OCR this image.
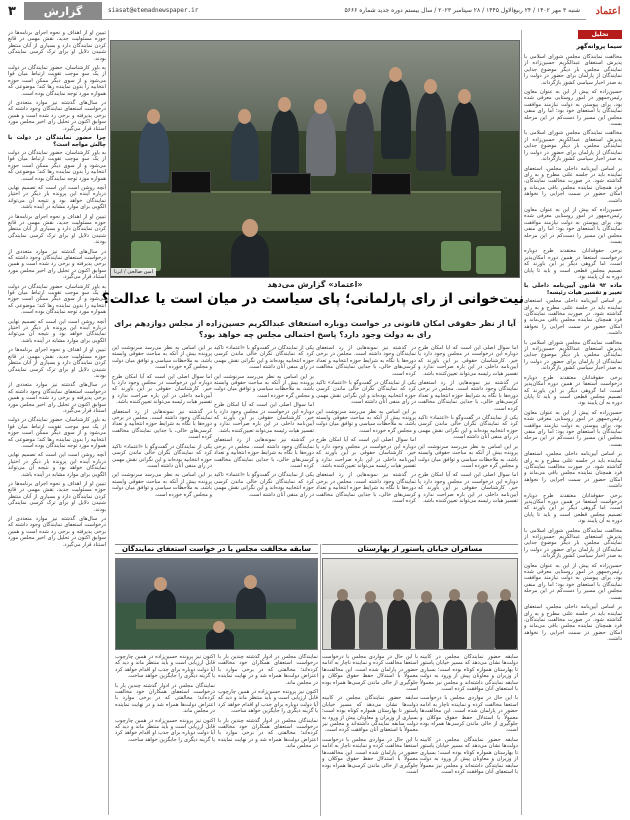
۳	گزارش	siasat@etemadnewspaper.ir	شنبه ۳ مهر ۱۴۰۲ / ۲۴ ربیع‌الاول ۱۴۴۵ / ۲۸ سپتامبر ۲۰۲۳ / سال بیستم دوره جدید شماره ۵۶۶۶	اعتماد
تحلیل
سیما پروانه‌گهر

مخالفت نمایندگان مجلس شورای اسلامی با پذیرش استعفای عبدالکریم حسین‌زاده از نمایندگی مجلس، بار دیگر موضوع جدایی نمایندگان از پارلمان برای حضور در دولت را به صدر اخبار سیاسی کشور بازگرداند.

حسین‌زاده که پیش از این به عنوان معاون رئیس‌جمهور در امور روستایی معرفی شده بود، برای پیوستن به دولت نیازمند موافقت نمایندگان با استعفای خود بود؛ اما رای منفی مجلس این مسیر را دست‌کم در این مرحله بست.

مخالفت نمایندگان مجلس شورای اسلامی با پذیرش استعفای عبدالکریم حسین‌زاده از نمایندگی مجلس، بار دیگر موضوع جدایی نمایندگان از پارلمان برای حضور در دولت را به صدر اخبار سیاسی کشور بازگرداند.

بر اساس آیین‌نامه داخلی مجلس، استعفای نماینده باید در جلسه علنی مطرح و به رای گذاشته شود. در صورت مخالفت نمایندگان، فرد همچنان نماینده مجلس باقی می‌ماند و امکان حضور در سمت اجرایی را نخواهد داشت.

حسین‌زاده که پیش از این به عنوان معاون رئیس‌جمهور در امور روستایی معرفی شده بود، برای پیوستن به دولت نیازمند موافقت نمایندگان با استعفای خود بود؛ اما رای منفی مجلس این مسیر را دست‌کم در این مرحله بست.

برخی حقوقدانان معتقدند طرح دوباره درخواست استعفا در همین دوره امکان‌پذیر است، اما گروهی دیگر بر این باورند که تصمیم مجلس قطعی است و باید تا پایان دوره به آن پایبند بود.

ماده ۹۲ قانون آیین‌نامه داخلی با تغییر و تفسیر هیات رئیسه!

بر اساس آیین‌نامه داخلی مجلس، استعفای نماینده باید در جلسه علنی مطرح و به رای گذاشته شود. در صورت مخالفت نمایندگان، فرد همچنان نماینده مجلس باقی می‌ماند و امکان حضور در سمت اجرایی را نخواهد داشت.

مخالفت نمایندگان مجلس شورای اسلامی با پذیرش استعفای عبدالکریم حسین‌زاده از نمایندگی مجلس، بار دیگر موضوع جدایی نمایندگان از پارلمان برای حضور در دولت را به صدر اخبار سیاسی کشور بازگرداند.

برخی حقوقدانان معتقدند طرح دوباره درخواست استعفا در همین دوره امکان‌پذیر است، اما گروهی دیگر بر این باورند که تصمیم مجلس قطعی است و باید تا پایان دوره به آن پایبند بود.

حسین‌زاده که پیش از این به عنوان معاون رئیس‌جمهور در امور روستایی معرفی شده بود، برای پیوستن به دولت نیازمند موافقت نمایندگان با استعفای خود بود؛ اما رای منفی مجلس این مسیر را دست‌کم در این مرحله بست.

بر اساس آیین‌نامه داخلی مجلس، استعفای نماینده باید در جلسه علنی مطرح و به رای گذاشته شود. در صورت مخالفت نمایندگان، فرد همچنان نماینده مجلس باقی می‌ماند و امکان حضور در سمت اجرایی را نخواهد داشت.

برخی حقوقدانان معتقدند طرح دوباره درخواست استعفا در همین دوره امکان‌پذیر است، اما گروهی دیگر بر این باورند که تصمیم مجلس قطعی است و باید تا پایان دوره به آن پایبند بود.

مخالفت نمایندگان مجلس شورای اسلامی با پذیرش استعفای عبدالکریم حسین‌زاده از نمایندگی مجلس، بار دیگر موضوع جدایی نمایندگان از پارلمان برای حضور در دولت را به صدر اخبار سیاسی کشور بازگرداند.

حسین‌زاده که پیش از این به عنوان معاون رئیس‌جمهور در امور روستایی معرفی شده بود، برای پیوستن به دولت نیازمند موافقت نمایندگان با استعفای خود بود؛ اما رای منفی مجلس این مسیر را دست‌کم در این مرحله بست.

بر اساس آیین‌نامه داخلی مجلس، استعفای نماینده باید در جلسه علنی مطرح و به رای گذاشته شود. در صورت مخالفت نمایندگان، فرد همچنان نماینده مجلس باقی می‌ماند و امکان حضور در سمت اجرایی را نخواهد داشت.

تبیین او از اهداف و نحوه اجرای برنامه‌ها در حوزه مسئولیت جدید، نقش مهمی در قانع کردن نمایندگان دارد و بسیاری از آنان منتظر شنیدن دلایل او برای ترک کرسی نمایندگی بودند.

به باور کارشناسان، حضور نمایندگان در دولت از یک سو موجب تقویت ارتباط میان قوا می‌شود و از سوی دیگر ممکن است حوزه انتخابیه را بدون نماینده رها کند؛ موضوعی که همواره مورد توجه نمایندگان بوده است.

در سال‌های گذشته نیز موارد متعددی از درخواست استعفای نمایندگان وجود داشته که برخی پذیرفته و برخی رد شده است و همین سوابق اکنون در تحلیل رای اخیر مجلس مورد استناد قرار می‌گیرد.

چرا حضور نمایندگان در دولت با چالش مواجه است؟

به باور کارشناسان، حضور نمایندگان در دولت از یک سو موجب تقویت ارتباط میان قوا می‌شود و از سوی دیگر ممکن است حوزه انتخابیه را بدون نماینده رها کند؛ موضوعی که همواره مورد توجه نمایندگان بوده است.

آنچه روشن است این است که تصمیم نهایی درباره آینده این پرونده بار دیگر در اختیار نمایندگان خواهد بود و نتیجه آن می‌تواند الگویی برای موارد مشابه در آینده باشد.

تبیین او از اهداف و نحوه اجرای برنامه‌ها در حوزه مسئولیت جدید، نقش مهمی در قانع کردن نمایندگان دارد و بسیاری از آنان منتظر شنیدن دلایل او برای ترک کرسی نمایندگی بودند.

در سال‌های گذشته نیز موارد متعددی از درخواست استعفای نمایندگان وجود داشته که برخی پذیرفته و برخی رد شده است و همین سوابق اکنون در تحلیل رای اخیر مجلس مورد استناد قرار می‌گیرد.

به باور کارشناسان، حضور نمایندگان در دولت از یک سو موجب تقویت ارتباط میان قوا می‌شود و از سوی دیگر ممکن است حوزه انتخابیه را بدون نماینده رها کند؛ موضوعی که همواره مورد توجه نمایندگان بوده است.

آنچه روشن است این است که تصمیم نهایی درباره آینده این پرونده بار دیگر در اختیار نمایندگان خواهد بود و نتیجه آن می‌تواند الگویی برای موارد مشابه در آینده باشد.

تبیین او از اهداف و نحوه اجرای برنامه‌ها در حوزه مسئولیت جدید، نقش مهمی در قانع کردن نمایندگان دارد و بسیاری از آنان منتظر شنیدن دلایل او برای ترک کرسی نمایندگی بودند.

در سال‌های گذشته نیز موارد متعددی از درخواست استعفای نمایندگان وجود داشته که برخی پذیرفته و برخی رد شده است و همین سوابق اکنون در تحلیل رای اخیر مجلس مورد استناد قرار می‌گیرد.

به باور کارشناسان، حضور نمایندگان در دولت از یک سو موجب تقویت ارتباط میان قوا می‌شود و از سوی دیگر ممکن است حوزه انتخابیه را بدون نماینده رها کند؛ موضوعی که همواره مورد توجه نمایندگان بوده است.

آنچه روشن است این است که تصمیم نهایی درباره آینده این پرونده بار دیگر در اختیار نمایندگان خواهد بود و نتیجه آن می‌تواند الگویی برای موارد مشابه در آینده باشد.

تبیین او از اهداف و نحوه اجرای برنامه‌ها در حوزه مسئولیت جدید، نقش مهمی در قانع کردن نمایندگان دارد و بسیاری از آنان منتظر شنیدن دلایل او برای ترک کرسی نمایندگی بودند.

در سال‌های گذشته نیز موارد متعددی از درخواست استعفای نمایندگان وجود داشته که برخی پذیرفته و برخی رد شده است و همین سوابق اکنون در تحلیل رای اخیر مجلس مورد استناد قرار می‌گیرد.

امین صالحی / ایرنا
«اعتماد» گزارش می‌دهد
نیت‌خوانی از رای پارلمانی؛ پای سیاست در میان است یا عدالت؟
آیا از نظر حقوقی امکان قانونی در خواست دوباره استعفای عبدالکریم حسین‌زاده از مجلس دوازدهم برای رای به دولت وجود دارد؟ پاسخ احتمالی مجلس چه خواهد بود؟

اما سوال اصلی این است که آیا امکان طرح دوباره این درخواست در مجلس وجود دارد یا خیر. کارشناسان حقوقی بر این باورند که آیین‌نامه داخلی در این باره صراحت ندارد و تفسیر هیات رئیسه می‌تواند تعیین‌کننده باشد.

در گذشته نیز نمونه‌هایی از رد استعفای نمایندگان وجود داشته است. مجلس در برخی دوره‌ها با نگاه به شرایط حوزه انتخابیه و تعداد کرسی‌های خالی، با جدایی نمایندگان مخالفت کرده است.

یکی از نمایندگان در گفت‌وگو با «اعتماد» تاکید کرد که نمایندگان نگران خالی ماندن کرسی حوزه انتخابیه بوده‌اند و این نگرانی نقش مهمی در رای منفی آنان داشته است.

بر این اساس به نظر می‌رسد سرنوشت این پرونده بیش از آنکه به مباحث حقوقی وابسته باشد، به ملاحظات سیاسی و توافق میان دولت و مجلس گره خورده است.

اما سوال اصلی این است که آیا امکان طرح دوباره این درخواست در مجلس وجود دارد یا خیر. کارشناسان حقوقی بر این باورند که آیین‌نامه داخلی در این باره صراحت ندارد و تفسیر هیات رئیسه می‌تواند تعیین‌کننده باشد.

در گذشته نیز نمونه‌هایی از رد استعفای نمایندگان وجود داشته است. مجلس در برخی دوره‌ها با نگاه به شرایط حوزه انتخابیه و تعداد کرسی‌های خالی، با جدایی نمایندگان مخالفت کرده است.

یکی از نمایندگان در گفت‌وگو با «اعتماد» تاکید کرد که نمایندگان نگران خالی ماندن کرسی حوزه انتخابیه بوده‌اند و این نگرانی نقش مهمی در رای منفی آنان داشته است.

بر این اساس به نظر می‌رسد سرنوشت این پرونده بیش از آنکه به مباحث حقوقی وابسته باشد، به ملاحظات سیاسی و توافق میان دولت و مجلس گره خورده است.

اما سوال اصلی این است که آیا امکان طرح دوباره این درخواست در مجلس وجود دارد یا خیر. کارشناسان حقوقی بر این باورند که آیین‌نامه داخلی در این باره صراحت ندارد و تفسیر هیات رئیسه می‌تواند تعیین‌کننده باشد.

در گذشته نیز نمونه‌هایی از رد استعفای نمایندگان وجود داشته است. مجلس در برخی دوره‌ها با نگاه به شرایط حوزه انتخابیه و تعداد کرسی‌های خالی، با جدایی نمایندگان مخالفت کرده است.

یکی از نمایندگان در گفت‌وگو با «اعتماد» تاکید کرد که نمایندگان نگران خالی ماندن کرسی حوزه انتخابیه بوده‌اند و این نگرانی نقش مهمی در رای منفی آنان داشته است.

بر این اساس به نظر می‌رسد سرنوشت این پرونده بیش از آنکه به مباحث حقوقی وابسته باشد، به ملاحظات سیاسی و توافق میان دولت و مجلس گره خورده است.

اما سوال اصلی این است که آیا امکان طرح دوباره این درخواست در مجلس وجود دارد یا خیر. کارشناسان حقوقی بر این باورند که آیین‌نامه داخلی در این باره صراحت ندارد و تفسیر هیات رئیسه می‌تواند تعیین‌کننده باشد.

در گذشته نیز نمونه‌هایی از رد استعفای نمایندگان وجود داشته است. مجلس در برخی دوره‌ها با نگاه به شرایط حوزه انتخابیه و تعداد کرسی‌های خالی، با جدایی نمایندگان مخالفت کرده است.

یکی از نمایندگان در گفت‌وگو با «اعتماد» تاکید کرد که نمایندگان نگران خالی ماندن کرسی حوزه انتخابیه بوده‌اند و این نگرانی نقش مهمی در رای منفی آنان داشته است.

بر این اساس به نظر می‌رسد سرنوشت این پرونده بیش از آنکه به مباحث حقوقی وابسته باشد، به ملاحظات سیاسی و توافق میان دولت و مجلس گره خورده است.

اما سوال اصلی این است که آیا امکان طرح دوباره این درخواست در مجلس وجود دارد یا خیر. کارشناسان حقوقی بر این باورند که آیین‌نامه داخلی در این باره صراحت ندارد و تفسیر هیات رئیسه می‌تواند تعیین‌کننده باشد.

در گذشته نیز نمونه‌هایی از رد استعفای نمایندگان وجود داشته است. مجلس در برخی دوره‌ها با نگاه به شرایط حوزه انتخابیه و تعداد کرسی‌های خالی، با جدایی نمایندگان مخالفت کرده است.

یکی از نمایندگان در گفت‌وگو با «اعتماد» تاکید کرد که نمایندگان نگران خالی ماندن کرسی حوزه انتخابیه بوده‌اند و این نگرانی نقش مهمی در رای منفی آنان داشته است.

بر این اساس به نظر می‌رسد سرنوشت این پرونده بیش از آنکه به مباحث حقوقی وابسته باشد، به ملاحظات سیاسی و توافق میان دولت و مجلس گره خورده است.

مسافران خیابان پاستور از بهارستان
سابقه مخالفت مجلس با در خواست استعفای نمایندگان

سابقه حضور نمایندگان مجلس در کابینه دولت‌ها نشان می‌دهد که مسیر خیابان پاستور تا بهارستان همواره کوتاه بوده است؛ بسیاری از وزیران و معاونان پیش از ورود به دولت سابقه نمایندگی داشته‌اند و مجلس نیز معمولاً با استعفای آنان موافقت کرده است.

با این حال در مواردی مجلس با درخواست استعفا مخالفت کرده و نماینده ناچار به ادامه حضور در پارلمان شده است. این مخالفت‌ها معمولاً با استدلال حفظ حقوق موکلان و جلوگیری از خالی ماندن کرسی‌ها همراه بوده است.

سابقه حضور نمایندگان مجلس در کابینه دولت‌ها نشان می‌دهد که مسیر خیابان پاستور تا بهارستان همواره کوتاه بوده است؛ بسیاری از وزیران و معاونان پیش از ورود به دولت سابقه نمایندگی داشته‌اند و مجلس نیز معمولاً با استعفای آنان موافقت کرده است.

با این حال در مواردی مجلس با درخواست استعفا مخالفت کرده و نماینده ناچار به ادامه حضور در پارلمان شده است. این مخالفت‌ها معمولاً با استدلال حفظ حقوق موکلان و جلوگیری از خالی ماندن کرسی‌ها همراه بوده است.

سابقه حضور نمایندگان مجلس در کابینه دولت‌ها نشان می‌دهد که مسیر خیابان پاستور تا بهارستان همواره کوتاه بوده است؛ بسیاری از وزیران و معاونان پیش از ورود به دولت سابقه نمایندگی داشته‌اند و مجلس نیز معمولاً با استعفای آنان موافقت کرده است.

با این حال در مواردی مجلس با درخواست استعفا مخالفت کرده و نماینده ناچار به ادامه حضور در پارلمان شده است. این مخالفت‌ها معمولاً با استدلال حفظ حقوق موکلان و جلوگیری از خالی ماندن کرسی‌ها همراه بوده است.

نمایندگان مجلس در ادوار گذشته چندین بار با درخواست استعفای همکاران خود مخالفت کرده‌اند؛ مخالفتی که در برخی موارد با اعتراض دولت‌ها همراه شد و در نهایت نماینده در مجلس ماند.

اکنون نیز پرونده حسین‌زاده در همین چارچوب قابل ارزیابی است و باید منتظر ماند و دید که آیا دولت دوباره برای جذب او اقدام خواهد کرد یا گزینه دیگری را جایگزین خواهد ساخت.

نمایندگان مجلس در ادوار گذشته چندین بار با درخواست استعفای همکاران خود مخالفت کرده‌اند؛ مخالفتی که در برخی موارد با اعتراض دولت‌ها همراه شد و در نهایت نماینده در مجلس ماند.

اکنون نیز پرونده حسین‌زاده در همین چارچوب قابل ارزیابی است و باید منتظر ماند و دید که آیا دولت دوباره برای جذب او اقدام خواهد کرد یا گزینه دیگری را جایگزین خواهد ساخت.

نمایندگان مجلس در ادوار گذشته چندین بار با درخواست استعفای همکاران خود مخالفت کرده‌اند؛ مخالفتی که در برخی موارد با اعتراض دولت‌ها همراه شد و در نهایت نماینده در مجلس ماند.

اکنون نیز پرونده حسین‌زاده در همین چارچوب قابل ارزیابی است و باید منتظر ماند و دید که آیا دولت دوباره برای جذب او اقدام خواهد کرد یا گزینه دیگری را جایگزین خواهد ساخت.
